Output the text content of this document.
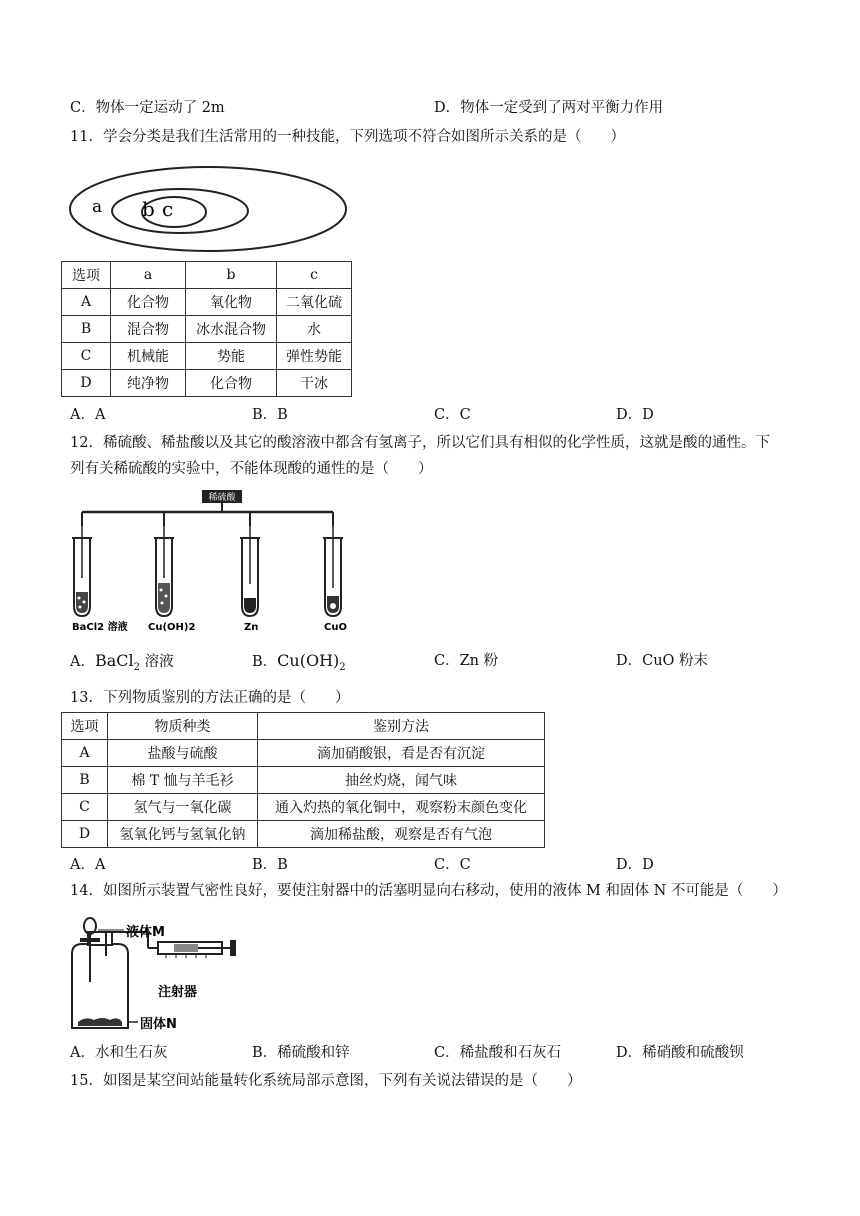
C．物体一定运动了 2m	D．物体一定受到了两对平衡力作用
11．学会分类是我们生活常用的一种技能，下列选项不符合如图所示关系的是（　　）
a b c
选项	a	b	c
A	化合物	氧化物	二氧化硫
B	混合物	冰水混合物	水
C	机械能	势能	弹性势能
D	纯净物	化合物	干冰
A．A	B．B	C．C	D．D
12．稀硫酸、稀盐酸以及其它的酸溶液中都含有氢离子，所以它们具有相似的化学性质，这就是酸的通性。下
列有关稀硫酸的实验中，不能体现酸的通性的是（　　）
稀硫酸
BaCl2 溶液 Cu(OH)2	Zn	CuO
A．BaCl$_2$ 溶液	B．$Cu(OH)_2$	C．Zn 粉	D．CuO 粉末
13．下列物质鉴别的方法正确的是（　　）
选项	物质种类	鉴别方法
A	盐酸与硫酸	滴加硝酸银，看是否有沉淀
B	棉 T 恤与羊毛衫	抽丝灼烧，闻气味
C	氢气与一氧化碳	通入灼热的氧化铜中，观察粉末颜色变化
D	氢氧化钙与氢氧化钠	滴加稀盐酸，观察是否有气泡
A．A	B．B	C．C	D．D
14．如图所示装置气密性良好，要使注射器中的活塞明显向右移动，使用的液体 M 和固体 N 不可能是（　　）
液体M
注射器
固体N
A．水和生石灰	B．稀硫酸和锌	C．稀盐酸和石灰石	D．稀硝酸和硫酸钡
15．如图是某空间站能量转化系统局部示意图，下列有关说法错误的是（　　）
